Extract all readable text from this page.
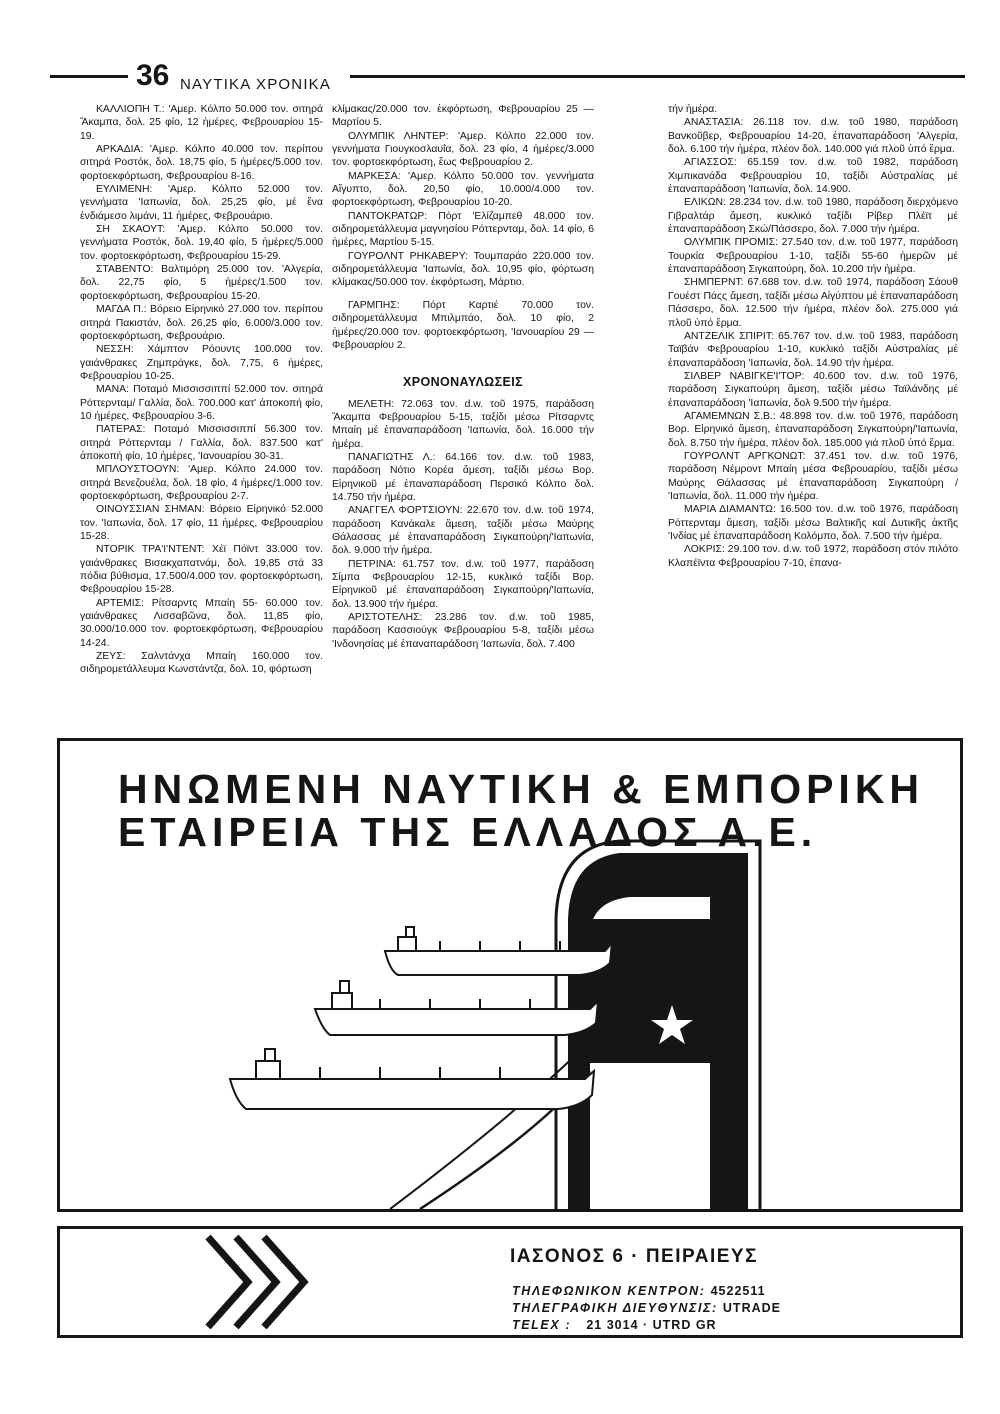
36 ΝΑΥΤΙΚΑ ΧΡΟΝΙΚΑ

ΚΑΛΛΙΟΠΗ Τ.: 'Αμερ. Κόλπο 50.000 τον. σιτηρά Ἄκαμπα, δολ. 25 φίο, 12 ἡμέρες, Φεβρουαρίου 15-19.

ΑΡΚΑΔΙΑ: 'Αμερ. Κόλπο 40.000 τον. περίπου σιτηρά Ροστόκ, δολ. 18,75 φίο, 5 ἡμέρες/5.000 τον. φορτοεκφόρτωση, Φεβρουαρίου 8-16.

ΕΥΛΙΜΕΝΗ: 'Αμερ. Κόλπο 52.000 τον. γεννήματα 'Ιαπωνία, δολ. 25,25 φίο, μέ ἕνα ἐνδιάμεσο λιμάνι, 11 ἡμέρες, Φεβρουάριο.

ΣΗ ΣΚΑΟΥΤ: 'Αμερ. Κόλπο 50.000 τον. γεννήματα Ροστόκ, δολ. 19,40 φίο, 5 ἡμέρες/5.000 τον. φορτοεκφόρτωση, Φεβρουαρίου 15-29.

ΣΤΑΒΕΝΤΟ: Βαλτιμόρη 25.000 τον. 'Αλγερία, δολ. 22,75 φίο, 5 ἡμέρες/1.500 τον. φορτοεκφόρτωση, Φεβρουαρίου 15-20.

ΜΑΓΔΑ Π.: Βόρειο Εἰρηνικό 27.000 τον. περίπου σιτηρά Πακιστάν, δολ. 26,25 φίο, 6.000/3.000 τον. φορτοεκφόρτωση, Φεβρουάριο.

ΝΕΣΣΗ: Χάμπτον Ρόουντς 100.000 τον. γαιάνθρακες Ζημπράγκε, δολ. 7,75, 6 ἡμέρες, Φεβρουαρίου 10-25.

ΜΑΝΑ: Ποταμό Μισσισσιππί 52.000 τον. σιτηρά Ρόττερνταμ/ Γαλλία, δολ. 700.000 κατ' ἀποκοπή φίο, 10 ἡμέρες, Φεβρουαρίου 3-6.

ΠΑΤΕΡΑΣ: Ποταμό Μισσισσιππί 56.300 τον. σιτηρά Ρόττερνταμ / Γαλλία, δολ. 837.500 κατ' ἀποκοπή φίο, 10 ἡμέρες, 'Ιανουαρίου 30-31.

ΜΠΛΟΥΣΤΟΟΥΝ: 'Αμερ. Κόλπο 24.000 τον. σιτηρά Βενεζουέλα, δολ. 18 φίο, 4 ἡμέρες/1.000 τον. φορτοεκφόρτωση, Φεβρουαρίου 2-7.

ΟΙΝΟΥΣΣΙΑΝ ΣΗΜΑΝ: Βόρειο Εἰρηνικό 52.000 τον. 'Ιαπωνία, δολ. 17 φίο, 11 ἡμέρες, Φεβρουαρίου 15-28.

ΝΤΟΡΙΚ ΤΡΑ'Ι'ΝΤΕΝΤ: Χέϊ Πόϊντ 33.000 τον. γαιάνθρακες Βισακχαπατνάμ, δολ. 19,85 στά 33 πόδια βύθισμα, 17.500/4.000 τον. φορτοεκφόρτωση, Φεβρουαρίου 15-28.

ΑΡΤΕΜΙΣ: Ρίτσαρντς Μπαίη 55- 60.000 τον. γαιάνθρακες Λισσαβῶνα, δολ. 11,85 φίο, 30.000/10.000 τον. φορτοεκφόρτωση, Φεβρουαρίου 14-24.

ΖΕΥΣ: Σαλντάνχα Μπαίη 160.000 τον. σιδηρομετάλλευμα Κωνστάντζα, δολ. 10, φόρτωση

κλίμακας/20.000 τον. ἐκφόρτωση, Φεβρουαρίου 25 — Μαρτίου 5.

ΟΛΥΜΠΙΚ ΛΗΝΤΕΡ: 'Αμερ. Κόλπο 22.000 τον. γεννήματα Γιουγκοσλαυΐα, δολ. 23 φίο, 4 ἡμέρες/3.000 τον. φορτοεκφόρτωση, ἕως Φεβρουαρίου 2.

ΜΑΡΚΕΣΑ: 'Αμερ. Κόλπο 50.000 τον. γεννήματα Αἴγυπτο, δολ. 20,50 φίο, 10.000/4.000 τον. φορτοεκφόρτωση, Φεβρουαρίου 10-20.

ΠΑΝΤΟΚΡΑΤΩΡ: Πόρτ 'Ελίζαμπεθ 48.000 τον. σιδηρομετάλλευμα μαγνησίου Ρόττερνταμ, δολ. 14 φίο, 6 ἡμέρες, Μαρτίου 5-15.

ΓΟΥΡΟΛΝΤ ΡΗΚΑΒΕΡΥ: Τουμπαράο 220.000 τον. σιδηρομετάλλευμα 'Ιαπωνία, δολ. 10,95 φίο, φόρτωση κλίμακας/50.000 τον. ἐκφόρτωση, Μάρτιο.

ΓΑΡΜΠΗΣ: Πόρτ Καρτιέ 70.000 τον. σιδηρομετάλλευμα Μπιλμπάο, δολ. 10 φίο, 2 ἡμέρες/20.000 τον. φορτοεκφόρτωση, 'Ιανουαρίου 29 — Φεβρουαρίου 2.

ΧΡΟΝΟΝΑΥΛΩΣΕΙΣ

ΜΕΛΕΤΗ: 72.063 τον. d.w. τοῦ 1975, παράδοση Ἄκαμπα Φεβρουαρίου 5-15, ταξίδι μέσω Ρίτσαρντς Μπαίη μέ ἐπαναπαράδοση 'Ιαπωνία, δολ. 16.000 τήν ἡμέρα.

ΠΑΝΑΓΙΩΤΗΣ Λ.: 64.166 τον. d.w. τοῦ 1983, παράδοση Νότιο Κορέα ἄμεση, ταξίδι μέσω Βορ. Εἰρηνικοῦ μέ ἐπαναπαράδοση Περσικό Κόλπο δολ. 14.750 τήν ἡμέρα.

ΑΝΑΓΓΕΛ ΦΟΡΤΣΙΟΥΝ: 22.670 τον. d.w. τοῦ 1974, παράδοση Κανάκαλε ἄμεση, ταξίδι μέσω Μαύρης Θάλασσας μέ ἐπαναπαράδοση Σιγκαπούρη/'Ιαπωνία, δολ. 9.000 τήν ἡμέρα.

ΠΕΤΡΙΝΑ: 61.757 τον. d.w. τοῦ 1977, παράδοση Σίμπα Φεβρουαρίου 12-15, κυκλικό ταξίδι Βορ. Εἰρηνικοῦ μέ ἐπαναπαράδοση Σιγκαπούρη/'Ιαπωνία, δολ. 13.900 τήν ἡμέρα.

ΑΡΙΣΤΟΤΕΛΗΣ: 23.286 τον. d.w. τοῦ 1985, παράδοση Κασσιούγκ Φεβρουαρίου 5-8, ταξίδι μέσω 'Ινδονησίας μέ ἐπαναπαράδοση 'Ιαπωνία, δολ. 7.400

τήν ἡμέρα.

ΑΝΑΣΤΑΣΙΑ: 26.118 τον. d.w. τοῦ 1980, παράδοση Βανκοῦβερ, Φεβρουαρίου 14-20, ἐπαναπαράδοση 'Αλγερία, δολ. 6.100 τήν ἡμέρα, πλέον δολ. 140.000 γιά πλοῦ ὑπό ἕρμα.

ΑΓΙΑΣΣΟΣ: 65.159 τον. d.w. τοῦ 1982, παράδοση Χιμπικανάδα Φεβρουαρίου 10, ταξίδι Αὐστραλίας μέ ἐπαναπαράδοση 'Ιαπωνία, δολ. 14.900.

ΕΛΙΚΩΝ: 28.234 τον. d.w. τοῦ 1980, παράδοση διερχόμενο Γιβραλτάρ ἄμεση, κυκλικό ταξίδι Ρίβερ Πλέϊτ μέ ἐπαναπαράδοση Σκώ/Πάσσερο, δολ. 7.000 τήν ἡμέρα.

ΟΛΥΜΠΙΚ ΠΡΟΜΙΣ: 27.540 τον. d.w. τοῦ 1977, παράδοση Τουρκία Φεβρουαρίου 1-10, ταξίδι 55-60 ἡμερῶν μέ ἐπαναπαράδοση Σιγκαπούρη, δολ. 10.200 τήν ἡμέρα.

ΣΗΜΠΕΡΝΤ: 67.688 τον. d.w. τοῦ 1974, παράδοση Σάουθ Γουέστ Πάςς ἄμεση, ταξίδι μέσω Αἰγύπτου μέ ἐπαναπαράδοση Πάσσερο, δολ. 12.500 τήν ἡμέρα, πλέον δολ. 275.000 γιά πλοῦ ὑπό ἕρμα.

ΑΝΤΖΕΛΙΚ ΣΠΙΡΙΤ: 65.767 τον. d.w. τοῦ 1983, παράδοση Ταϊβάν Φεβρουαρίου 1-10, κυκλικό ταξίδι Αὐστραλίας μέ ἐπαναπαράδοση 'Ιαπωνία, δολ. 14.90 τήν ἡμέρα.

ΣΙΛΒΕΡ ΝΑΒΙΓΚΕ'Ι'ΤΟΡ: 40.600 τον. d.w. τοῦ 1976, παράδοση Σιγκαπούρη ἄμεση, ταξίδι μέσω Ταϊλάνδης μέ ἐπαναπαράδοση 'Ιαπωνία, δολ 9.500 τήν ἡμέρα.

ΑΓΑΜΕΜΝΩΝ Σ.Β.: 48.898 τον. d.w. τοῦ 1976, παράδοση Βορ. Εἰρηνικό ἄμεση, ἐπαναπαράδοση Σιγκαπούρη/'Ιαπωνία, δολ. 8.750 τήν ἡμέρα, πλέον δολ. 185.000 γιά πλοῦ ὑπό ἕρμα.

ΓΟΥΡΟΛΝΤ ΑΡΓΚΟΝΩΤ: 37.451 τον. d.w. τοῦ 1976, παράδοση Νέμροντ Μπαίη μέσα Φεβρουαρίου, ταξίδι μέσω Μαύρης Θάλασσας μέ ἐπαναπαράδοση Σιγκαπούρη / 'Ιαπωνία, δολ. 11.000 τήν ἡμέρα.

ΜΑΡΙΑ ΔΙΑΜΑΝΤΩ: 16.500 τον. d.w. τοῦ 1976, παράδοση Ρόττερνταμ ἄμεση, ταξίδι μέσω Βαλτικῆς καί Δυτικῆς ἀκτῆς 'Ινδίας μέ ἐπαναπαράδοση Κολόμπο, δολ. 7.500 τήν ἡμέρα.

ΛΟΚΡΙΣ: 29.100 τον. d.w. τοῦ 1972, παράδοση στόν πιλότο Κλαπέϊντα Φεβρουαρίου 7-10, ἐπανα-

ΗΝΩΜΕΝΗ ΝΑΥΤΙΚΗ & ΕΜΠΟΡΙΚΗ
ΕΤΑΙΡΕΙΑ ΤΗΣ ΕΛΛΑΔΟΣ Α.Ε.
ΙΑΣΟΝΟΣ 6 · ΠΕΙΡΑΙΕΥΣ
ΤΗΛΕΦΩΝΙΚΟΝ ΚΕΝΤΡΟΝ: 4522511
ΤΗΛΕΓΡΑΦΙΚΗ ΔΙΕΥΘΥΝΣΙΣ: UTRADE
TELEX : 21 3014 · UTRD GR
